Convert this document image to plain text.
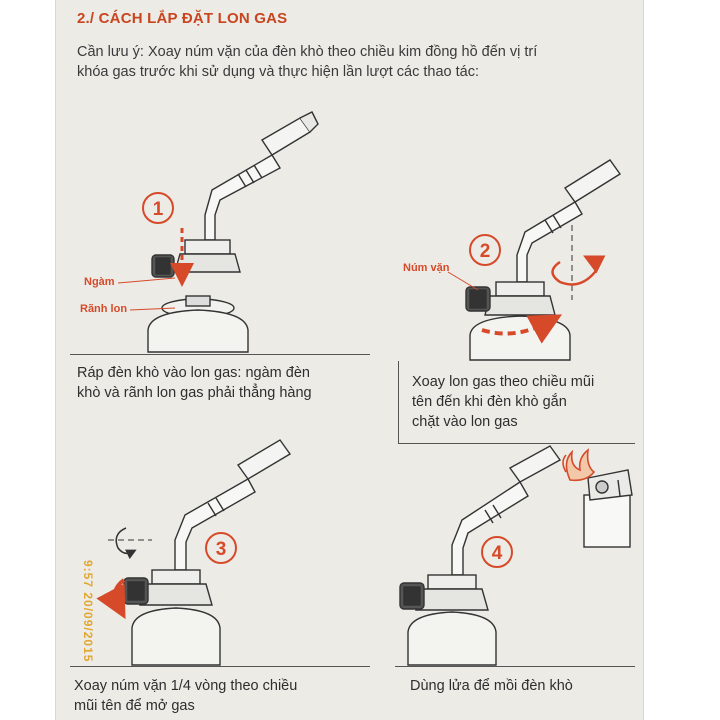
2./ CÁCH LẮP ĐẶT LON GAS
Cần lưu ý: Xoay núm vặn của đèn khò theo chiều kim đồng hồ đến vị trí
khóa gas trước khi sử dụng và thực hiện lần lượt các thao tác:
1
2
3	4
Ngàm
Rãnh lon
Núm vặn
Ráp đèn khò vào lon gas: ngàm đèn
khò và rãnh lon gas phải thẳng hàng
Xoay lon gas theo chiều mũi
tên đến khi đèn khò gắn
chặt vào lon gas
Xoay núm vặn 1/4 vòng theo chiều
mũi tên để mở gas
Dùng lửa để mồi đèn khò
9:57 20/09/2015
